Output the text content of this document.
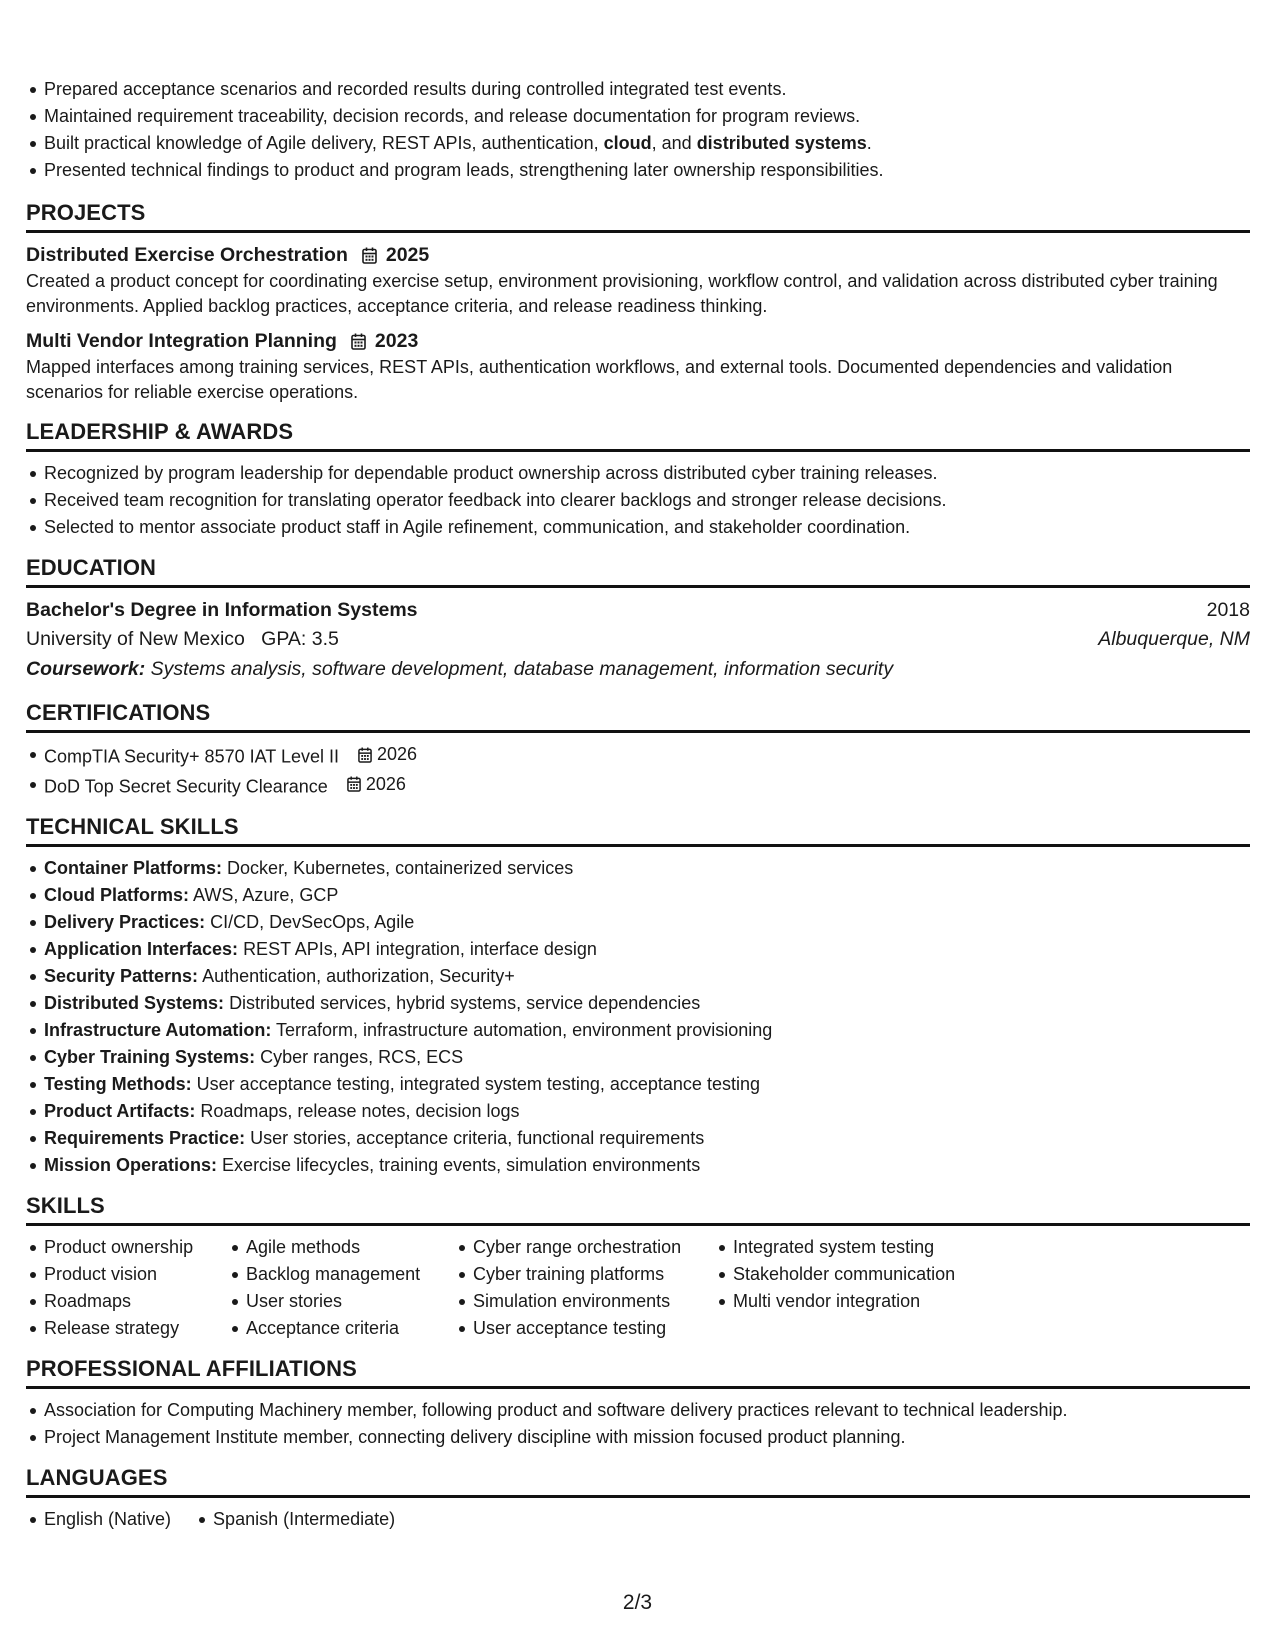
Prepared acceptance scenarios and recorded results during controlled integrated test events.
Maintained requirement traceability, decision records, and release documentation for program reviews.
Built practical knowledge of Agile delivery, REST APIs, authentication, cloud, and distributed systems.
Presented technical findings to product and program leads, strengthening later ownership responsibilities.
PROJECTS
Distributed Exercise Orchestration 2025

Created a product concept for coordinating exercise setup, environment provisioning, workflow control, and validation across distributed cyber training environments. Applied backlog practices, acceptance criteria, and release readiness thinking.

Multi Vendor Integration Planning 2023

Mapped interfaces among training services, REST APIs, authentication workflows, and external tools. Documented dependencies and validation scenarios for reliable exercise operations.

LEADERSHIP & AWARDS
Recognized by program leadership for dependable product ownership across distributed cyber training releases.
Received team recognition for translating operator feedback into clearer backlogs and stronger release decisions.
Selected to mentor associate product staff in Agile refinement, communication, and stakeholder coordination.
EDUCATION
Bachelor's Degree in Information Systems	2018
University of New Mexico GPA: 3.5	Albuquerque, NM
Coursework: Systems analysis, software development, database management, information security
CERTIFICATIONS
CompTIA Security+ 8570 IAT Level II 2026
DoD Top Secret Security Clearance 2026
TECHNICAL SKILLS
Container Platforms: Docker, Kubernetes, containerized services
Cloud Platforms: AWS, Azure, GCP
Delivery Practices: CI/CD, DevSecOps, Agile
Application Interfaces: REST APIs, API integration, interface design
Security Patterns: Authentication, authorization, Security+
Distributed Systems: Distributed services, hybrid systems, service dependencies
Infrastructure Automation: Terraform, infrastructure automation, environment provisioning
Cyber Training Systems: Cyber ranges, RCS, ECS
Testing Methods: User acceptance testing, integrated system testing, acceptance testing
Product Artifacts: Roadmaps, release notes, decision logs
Requirements Practice: User stories, acceptance criteria, functional requirements
Mission Operations: Exercise lifecycles, training events, simulation environments
SKILLS
Product ownership
Product vision
Roadmaps
Release strategy
Agile methods
Backlog management
User stories
Acceptance criteria
Cyber range orchestration
Cyber training platforms
Simulation environments
User acceptance testing
Integrated system testing
Stakeholder communication
Multi vendor integration
PROFESSIONAL AFFILIATIONS
Association for Computing Machinery member, following product and software delivery practices relevant to technical leadership.
Project Management Institute member, connecting delivery discipline with mission focused product planning.
LANGUAGES
English (Native)	Spanish (Intermediate)
2/3
